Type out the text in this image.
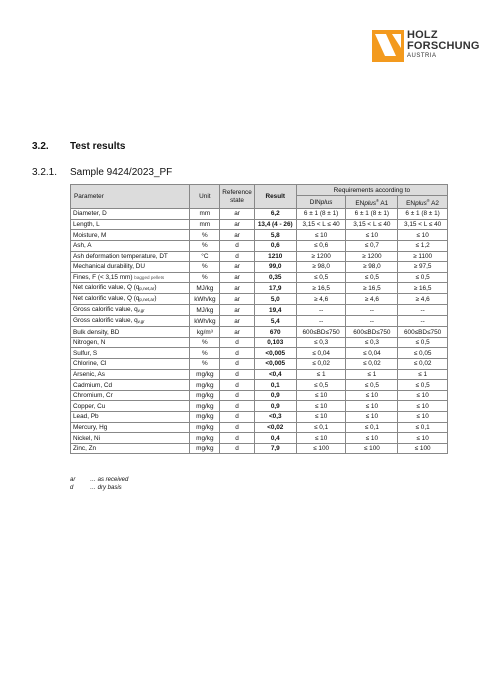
HOLZ
FORSCHUNG
AUSTRIA
3.2. Test results
3.2.1. Sample 9424/2023_PF
Parameter	Unit	Reference state	Result	Requirements according to		
				DINplus	ENplus® A1	ENplus® A2
Diameter, D	mm	ar	6,2	6 ± 1 (8 ± 1)	6 ± 1 (8 ± 1)	6 ± 1 (8 ± 1)
Length, L	mm	ar	13,4 (4 - 26)	3,15 < L ≤ 40	3,15 < L ≤ 40	3,15 < L ≤ 40
Moisture, M	%	ar	5,8	≤ 10	≤ 10	≤ 10
Ash, A	%	d	0,6	≤ 0,6	≤ 0,7	≤ 1,2
Ash deformation temperature, DT	°C	d	1210	≥ 1200	≥ 1200	≥ 1100
Mechanical durability, DU	%	ar	99,0	≥ 98,0	≥ 98,0	≥ 97,5
Fines, F (< 3,15 mm) bagged pellets	%	ar	0,35	≤ 0,5	≤ 0,5	≤ 0,5
Net calorific value, Q $(q_{p,net,ar})$	MJ/kg	ar	17,9	≥ 16,5	≥ 16,5	≥ 16,5
Net calorific value, Q $(q_{p,net,ar})$	kWh/kg	ar	5,0	≥ 4,6	≥ 4,6	≥ 4,6
Gross calorific value, $q_{v,gr}$	MJ/kg	ar	19,4	--	--	--
Gross calorific value, $q_{v,gr}$	kWh/kg	ar	5,4	--	--	--
Bulk density, BD	kg/m³	ar	670	600≤BD≤750	600≤BD≤750	600≤BD≤750
Nitrogen, N	%	d	0,103	≤ 0,3	≤ 0,3	≤ 0,5
Sulfur, S	%	d	<0,005	≤ 0,04	≤ 0,04	≤ 0,05
Chlorine, Cl	%	d	<0,005	≤ 0,02	≤ 0,02	≤ 0,02
Arsenic, As	mg/kg	d	<0,4	≤ 1	≤ 1	≤ 1
Cadmium, Cd	mg/kg	d	0,1	≤ 0,5	≤ 0,5	≤ 0,5
Chromium, Cr	mg/kg	d	0,9	≤ 10	≤ 10	≤ 10
Copper, Cu	mg/kg	d	0,9	≤ 10	≤ 10	≤ 10
Lead, Pb	mg/kg	d	<0,3	≤ 10	≤ 10	≤ 10
Mercury, Hg	mg/kg	d	<0,02	≤ 0,1	≤ 0,1	≤ 0,1
Nickel, Ni	mg/kg	d	0,4	≤ 10	≤ 10	≤ 10
Zinc, Zn	mg/kg	d	7,9	≤ 100	≤ 100	≤ 100
ar … as received
d	… dry basis
